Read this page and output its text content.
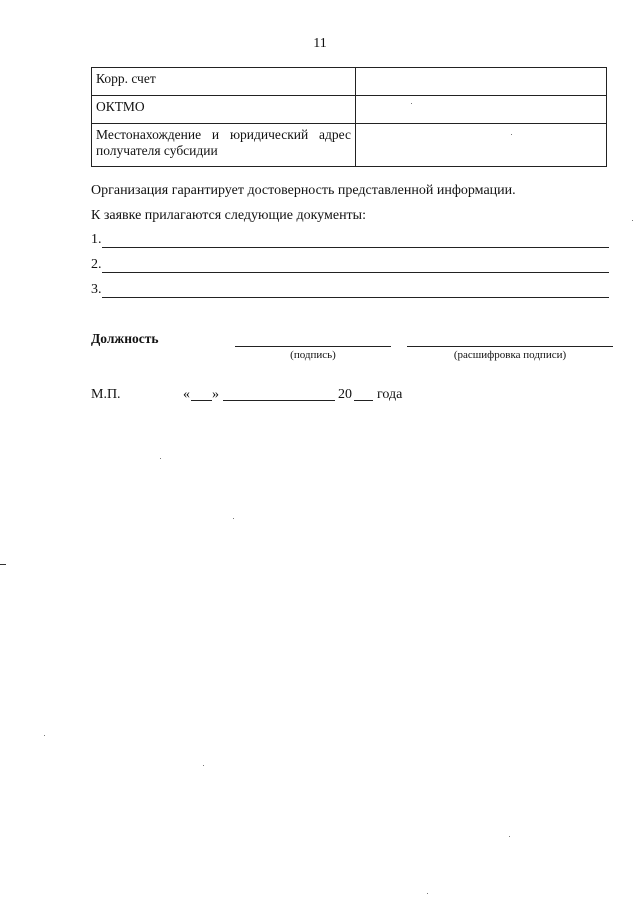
11
Корр. счет	
ОКТМО	
Местонахождение и юридический адрес получателя субсидии	
Организация гарантирует достоверность представленной информации.
К заявке прилагаются следующие документы:
1.
2.
3.
Должность
(подпись)	(расшифровка подписи)
М.П.	« »	20 года
